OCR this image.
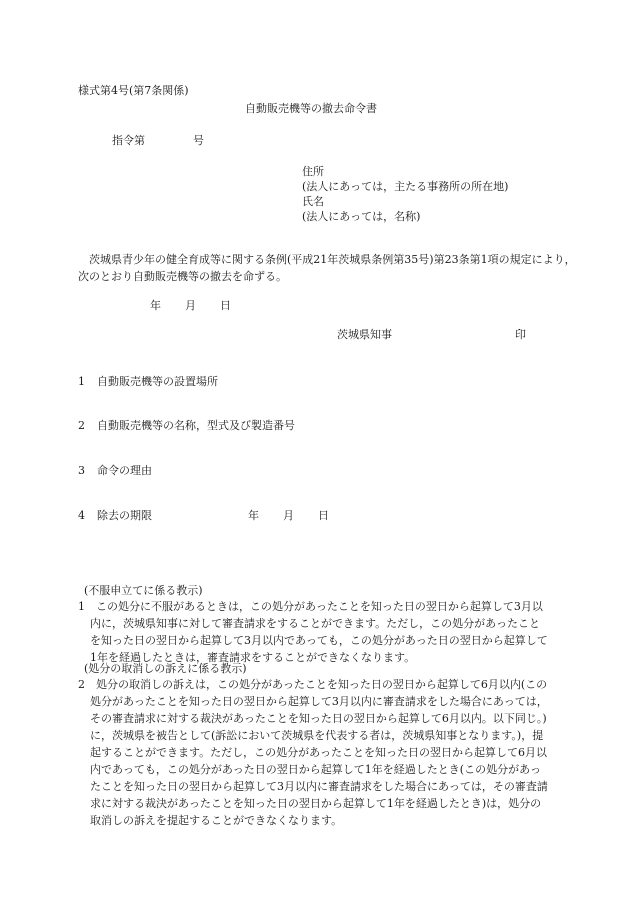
様式第4号(第7条関係)
自動販売機等の撤去命令書
指令第	号
住所
(法人にあっては，主たる事務所の所在地)
氏名
(法人にあっては，名称)
茨城県青少年の健全育成等に関する条例(平成21年茨城県条例第35号)第23条第1項の規定により，次のとおり自動販売機等の撤去を命ずる。
年 月 日
茨城県知事	印
1 自動販売機等の設置場所
2 自動販売機等の名称，型式及び製造番号
3 命令の理由
4 除去の期限	年 月 日
(不服申立てに係る教示)
1	この処分に不服があるときは，この処分があったことを知った日の翌日から起算して3月以内に，茨城県知事に対して審査請求をすることができます。ただし，この処分があったことを知った日の翌日から起算して3月以内であっても，この処分があった日の翌日から起算して1年を経過したときは，審査請求をすることができなくなります。
(処分の取消しの訴えに係る教示)
2	処分の取消しの訴えは，この処分があったことを知った日の翌日から起算して6月以内(この処分があったことを知った日の翌日から起算して3月以内に審査請求をした場合にあっては，その審査請求に対する裁決があったことを知った日の翌日から起算して6月以内。以下同じ。)に，茨城県を被告として(訴訟において茨城県を代表する者は，茨城県知事となります。)，提起することができます。ただし，この処分があったことを知った日の翌日から起算して6月以内であっても，この処分があった日の翌日から起算して1年を経過したとき(この処分があったことを知った日の翌日から起算して3月以内に審査請求をした場合にあっては，その審査請求に対する裁決があったことを知った日の翌日から起算して1年を経過したとき)は，処分の取消しの訴えを提起することができなくなります。
